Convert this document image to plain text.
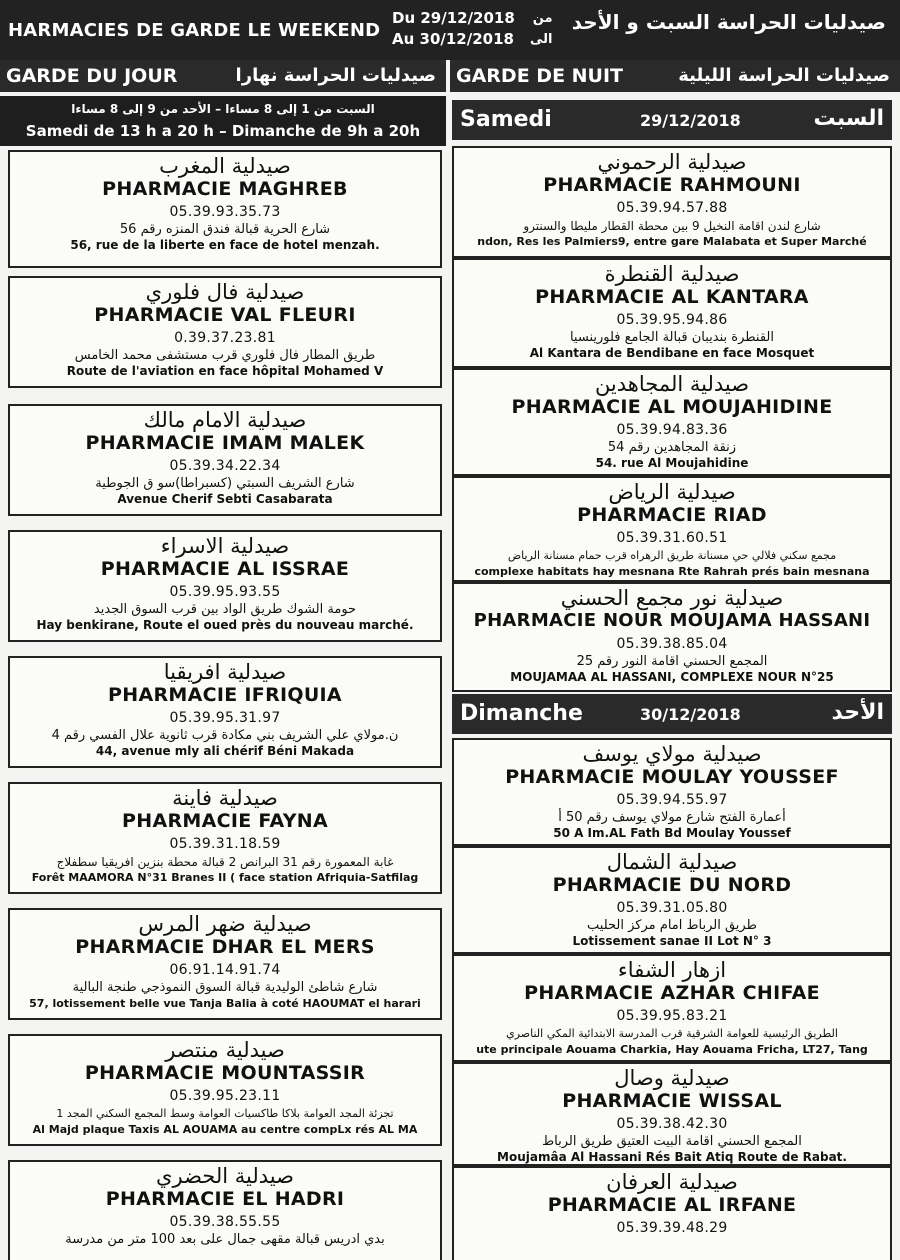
HARMACIES DE GARDE LE WEEKEND
Du 29/12/2018
Au 30/12/2018
من
الى
صيدليات الحراسة السبت و الأحد
GARDE DU JOUR	صيدليات الحراسة نهارا GARDE DE NUIT	صيدليات الحراسة الليلية
السبت من 1 إلى 8 مساءا – الأحد من 9 إلى 8 مساءا
Samedi de 13 h a 20 h – Dimanche de 9h a 20h	Samedi	29/12/2018	السبت
Dimanche	30/12/2018	الأحد
صيدلية المغرب
PHARMACIE MAGHREB
05.39.93.35.73
شارع الحرية قبالة فندق المنزه رقم 56
56, rue de la liberte en face de hotel menzah.
صيدلية فال فلوري
PHARMACIE VAL FLEURI
0.39.37.23.81
طريق المطار فال فلوري قرب مستشفى محمد الخامس
Route de l'aviation en face hôpital Mohamed V
صيدلية الامام مالك
PHARMACIE IMAM MALEK
05.39.34.22.34
شارع الشريف السبتي (كسبراطا)سو ق الجوطية
Avenue Cherif Sebti Casabarata
صيدلية الاسراء
PHARMACIE AL ISSRAE
05.39.95.93.55
حومة الشوك طريق الواد بين قرب السوق الجديد
Hay benkirane, Route el oued près du nouveau marché.
صيدلية افريقيا
PHARMACIE IFRIQUIA
05.39.95.31.97
ن.مولاي علي الشريف بني مكادة قرب ثانوية علال الفسي رقم 4
44, avenue mly ali chérif Béni Makada
صيدلية فاينة
PHARMACIE FAYNA
05.39.31.18.59
غابة المعمورة رقم 31 البرانص 2 قبالة محطة بنزين افريقيا سطفلاج
Forêt MAAMORA N°31 Branes II ( face station Afriquia-Satfilag
صيدلية ضهر المرس
PHARMACIE DHAR EL MERS
06.91.14.91.74
شارع شاطئ الوليدية قبالة السوق النموذجي طنجة البالية
57, lotissement belle vue Tanja Balia à coté HAOUMAT el harari
صيدلية منتصر
PHARMACIE MOUNTASSIR
05.39.95.23.11
تجزئة المجد العوامة بلاكا طاكسيات العوامة وسط المجمع السكني المجد 1
Al Majd plaque Taxis AL AOUAMA au centre compLx rés AL MA
صيدلية الحضري
PHARMACIE EL HADRI
05.39.38.55.55
بدي ادريس قبالة مقهى جمال على بعد 100 متر من مدرسة
صيدلية الرحموني
PHARMACIE RAHMOUNI
05.39.94.57.88
شارع لندن اقامة النخيل 9 بين محطة القطار مليطا والسنترو
ndon, Res les Palmiers9, entre gare Malabata et Super Marché
صيدلية القنطرة
PHARMACIE AL KANTARA
05.39.95.94.86
القنطرة بنديبان قبالة الجامع فلورينسيا
Al Kantara de Bendibane en face Mosquet
صيدلية المجاهدين
PHARMACIE AL MOUJAHIDINE
05.39.94.83.36
زنقة المجاهدين رقم 54
54. rue Al Moujahidine
صيدلية الرياض
PHARMACIE RIAD
05.39.31.60.51
مجمع سكني فلالي حي مسنانة طريق الرهراه قرب حمام مسنانة الرياض
complexe habitats hay mesnana Rte Rahrah prés bain mesnana
صيدلية نور مجمع الحسني
PHARMACIE NOUR MOUJAMA HASSANI
05.39.38.85.04
المجمع الحسني اقامة النور رقم 25
MOUJAMAA AL HASSANI, COMPLEXE NOUR N°25
صيدلية مولاي يوسف
PHARMACIE MOULAY YOUSSEF
05.39.94.55.97
أعمارة الفتح شارع مولاي يوسف رقم 50 أ
50 A Im.AL Fath Bd Moulay Youssef
صيدلية الشمال
PHARMACIE DU NORD
05.39.31.05.80
طريق الرباط امام مركز الحليب
Lotissement sanae II Lot N° 3
ازهار الشفاء
PHARMACIE AZHAR CHIFAE
05.39.95.83.21
الطريق الرئيسية للعوامة الشرقية قرب المدرسة الابتدائية المكي الناصري
ute principale Aouama Charkia, Hay Aouama Fricha, LT27, Tang
صيدلية وصال
PHARMACIE WISSAL
05.39.38.42.30
المجمع الحسني اقامة البيت العتيق طريق الرباط
Moujamâa Al Hassani Rés Bait Atiq Route de Rabat.
صيدلية العرفان
PHARMACIE AL IRFANE
05.39.39.48.29
